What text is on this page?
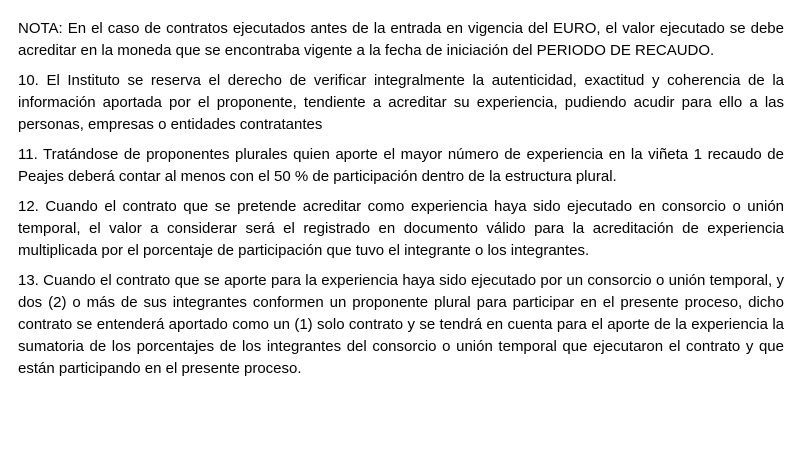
NOTA: En el caso de contratos ejecutados antes de la entrada en vigencia del EURO, el valor ejecutado se debe acreditar en la moneda que se encontraba vigente a la fecha de iniciación del PERIODO DE RECAUDO.

10. El Instituto se reserva el derecho de verificar integralmente la autenticidad, exactitud y coherencia de la información aportada por el proponente, tendiente a acreditar su experiencia, pudiendo acudir para ello a las personas, empresas o entidades contratantes

11. Tratándose de proponentes plurales quien aporte el mayor número de experiencia en la viñeta 1 recaudo de Peajes deberá contar al menos con el 50 % de participación dentro de la estructura plural.

12. Cuando el contrato que se pretende acreditar como experiencia haya sido ejecutado en consorcio o unión temporal, el valor a considerar será el registrado en documento válido para la acreditación de experiencia multiplicada por el porcentaje de participación que tuvo el integrante o los integrantes.

13. Cuando el contrato que se aporte para la experiencia haya sido ejecutado por un consorcio o unión temporal, y dos (2) o más de sus integrantes conformen un proponente plural para participar en el presente proceso, dicho contrato se entenderá aportado como un (1) solo contrato y se tendrá en cuenta para el aporte de la experiencia la sumatoria de los porcentajes de los integrantes del consorcio o unión temporal que ejecutaron el contrato y que están participando en el presente proceso.
